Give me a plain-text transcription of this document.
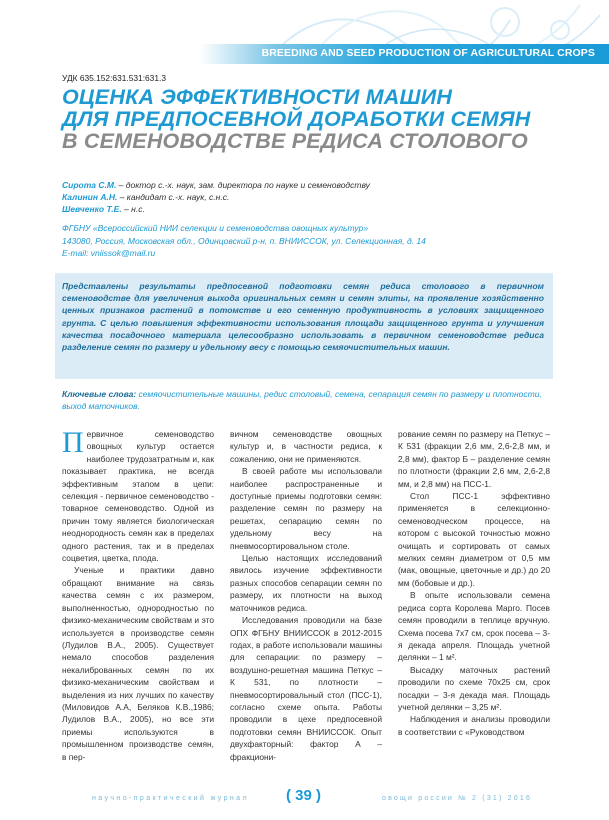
BREEDING AND SEED PRODUCTION OF AGRICULTURAL CROPS
УДК 635.152:631.531:631.3
ОЦЕНКА ЭФФЕКТИВНОСТИ МАШИН
ДЛЯ ПРЕДПОСЕВНОЙ ДОРАБОТКИ СЕМЯН
В СЕМЕНОВОДСТВЕ РЕДИСА СТОЛОВОГО
Сирота С.М. – доктор с.-х. наук, зам. директора по науке и семеноводству
Калинин А.Н. – кандидат с.-х. наук, с.н.с.
Шевченко Т.Е. – н.с.
ФГБНУ «Всероссийский НИИ селекции и семеноводства овощных культур»
143080, Россия, Московская обл., Одинцовский р-н, п. ВНИИССОК, ул. Селекционная, д. 14
E-mail: vniissok@mail.ru
Представлены результаты предпосевной подготовки семян редиса столового в первичном семеноводстве для увеличения выхода оригинальных семян и семян элиты, на проявление хозяйственно ценных признаков растений в потомстве и его семенную продуктивность в условиях защищенного грунта. С целью повышения эффективности использования площади защищенного грунта и улучшения качества посадочного материала целесообразно использовать в первичном семеноводстве редиса разделение семян по размеру и удельному весу с помощью семяочистительных машин.
Ключевые слова: семяочистительные машины, редис столовый, семена, сепарация семян по размеру и плотности, выход маточников.

Первичное семеноводство овощных культур остается наиболее трудозатратным и, как показывает практика, не всегда эффективным этапом в цепи: селекция - первичное семеноводство - товарное семеноводство. Одной из причин тому является биологическая неоднородность семян как в пределах одного растения, так и в пределах соцветия, цветка, плода.

Ученые и практики давно обращают внимание на связь качества семян с их размером, выполненностью, однородностью по физико-механическим свойствам и это используется в производстве семян (Лудилов В.А., 2005). Существует немало способов разделения некалиброванных семян по их физико-механическим свойствам и выделения из них лучших по качеству (Миловидов А.А, Беляков К.В.,1986; Лудилов В.А., 2005), но все эти приемы используются в промышленном производстве семян, в пер-

вичном семеноводстве овощных культур и, в частности редиса, к сожалению, они не применяются.

В своей работе мы использовали наиболее распространенные и доступные приемы подготовки семян: разделение семян по размеру на решетах, сепарацию семян по удельному весу на пневмосортировальном столе.

Целью настоящих исследований явилось изучение эффективности разных способов сепарации семян по размеру, их плотности на выход маточников редиса.

Исследования проводили на базе ОПХ ФГБНУ ВНИИССОК в 2012-2015 годах, в работе использовали машины для сепарации: по размеру – воздушно-решетная машина Петкус – К 531, по плотности – пневмосортировальный стол (ПСС-1), согласно схеме опыта. Работы проводили в цехе предпосевной подготовки семян ВНИИССОК. Опыт двухфакторный: фактор А – фракциони-

рование семян по размеру на Петкус – К 531 (фракции 2,6 мм, 2,6-2,8 мм, и 2,8 мм), фактор Б – разделение семян по плотности (фракции 2,6 мм, 2,6-2,8 мм, и 2,8 мм) на ПСС-1.

Стол ПСС-1 эффективно применяется в селекционно-семеноводческом процессе, на котором с высокой точностью можно очищать и сортировать от самых мелких семян диаметром от 0,5 мм (мак, овощные, цветочные и др.) до 20 мм (бобовые и др.).

В опыте использовали семена редиса сорта Королева Марго. Посев семян проводили в теплице вручную. Схема посева 7х7 см, срок посева – 3-я декада апреля. Площадь учетной делянки – 1 м².

Высадку маточных растений проводили по схеме 70х25 см, срок посадки – 3-я декада мая. Площадь учетной делянки – 3,25 м².

Наблюдения и анализы проводили в соответствии с «Руководством

научно-практический журнал ( 39 )	овощи россии № 2 (31) 2016
